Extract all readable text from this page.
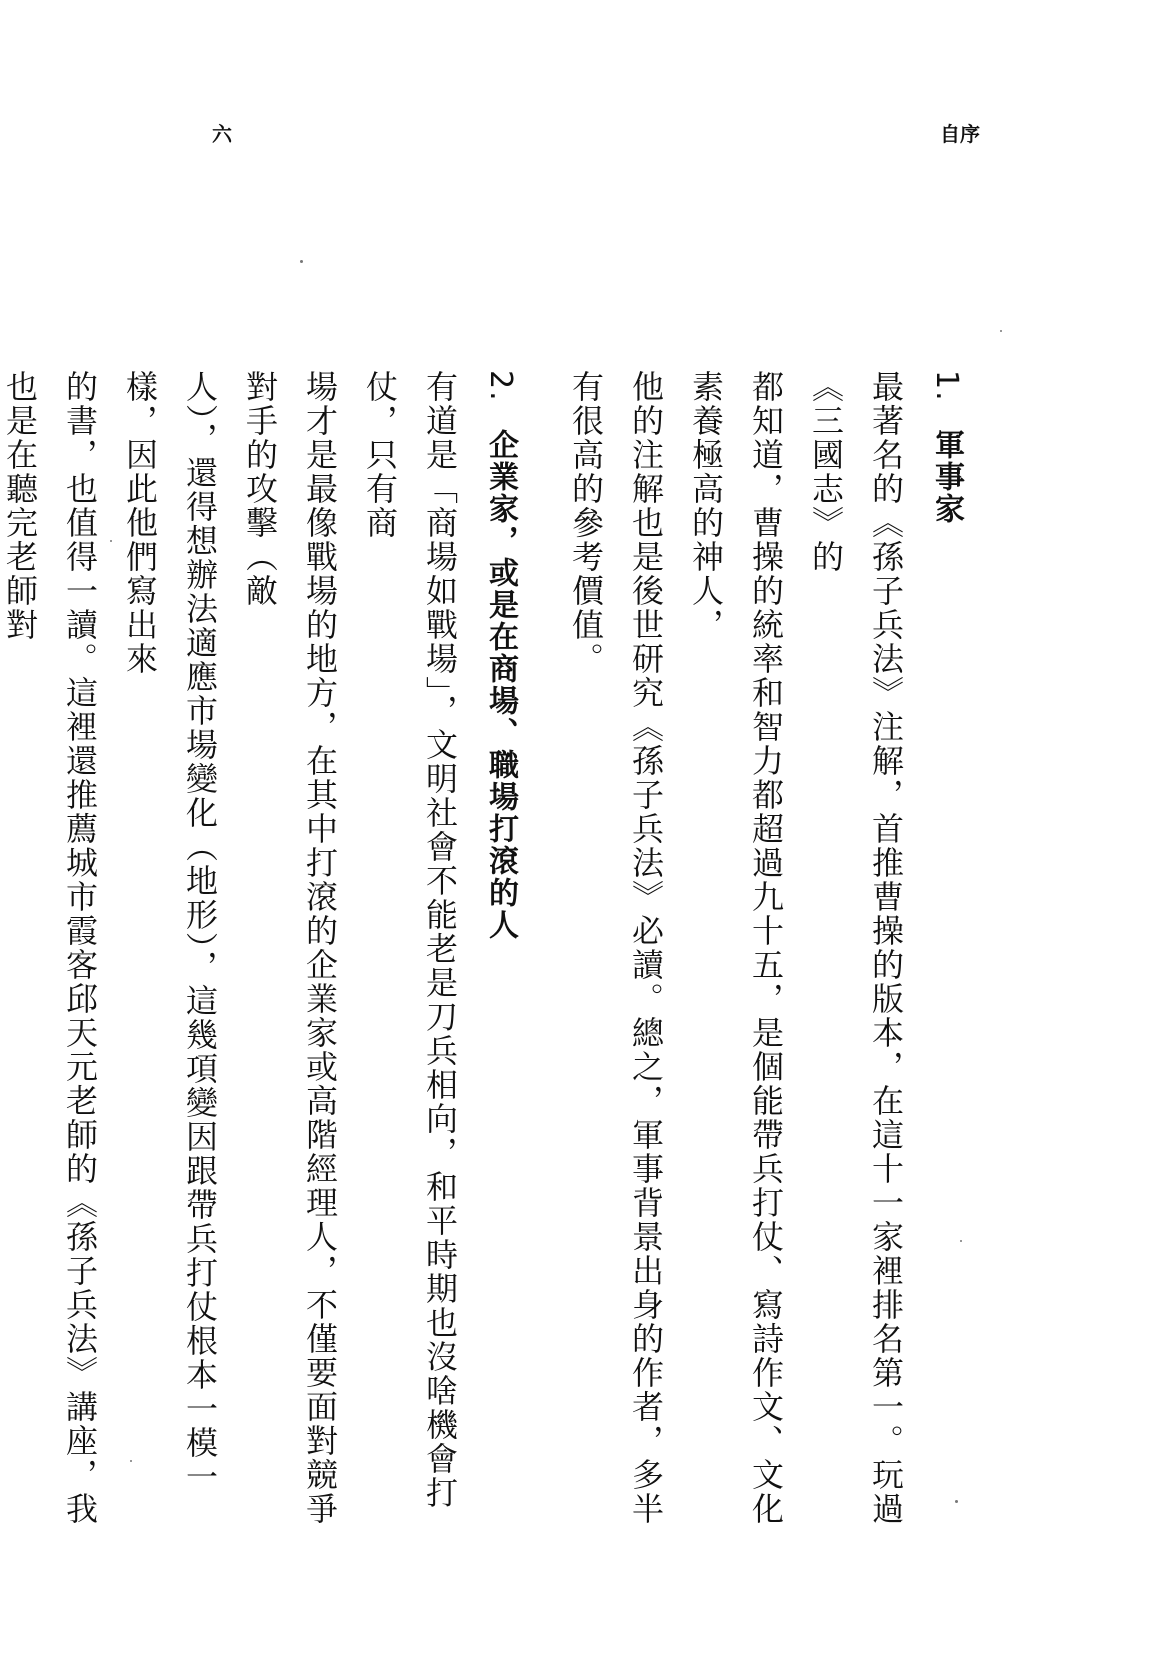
六	自序
1. 軍事家
最著名的《孫子兵法》注解，首推曹操的版本，在這十一家裡排名第一。玩過《三國志》的
都知道，曹操的統率和智力都超過九十五，是個能帶兵打仗、寫詩作文、文化素養極高的神人，
他的注解也是後世研究《孫子兵法》必讀。總之，軍事背景出身的作者，多半有很高的參考價值。
2. 企業家，或是在商場、職場打滾的人
有道是「商場如戰場」，文明社會不能老是刀兵相向，和平時期也沒啥機會打仗，只有商
場才是最像戰場的地方，在其中打滾的企業家或高階經理人，不僅要面對競爭對手的攻擊（敵
人），還得想辦法適應市場變化（地形），這幾項變因跟帶兵打仗根本一模一樣，因此他們寫出來
的書，也值得一讀。這裡還推薦城市霞客邱天元老師的《孫子兵法》講座，我也是在聽完老師對
